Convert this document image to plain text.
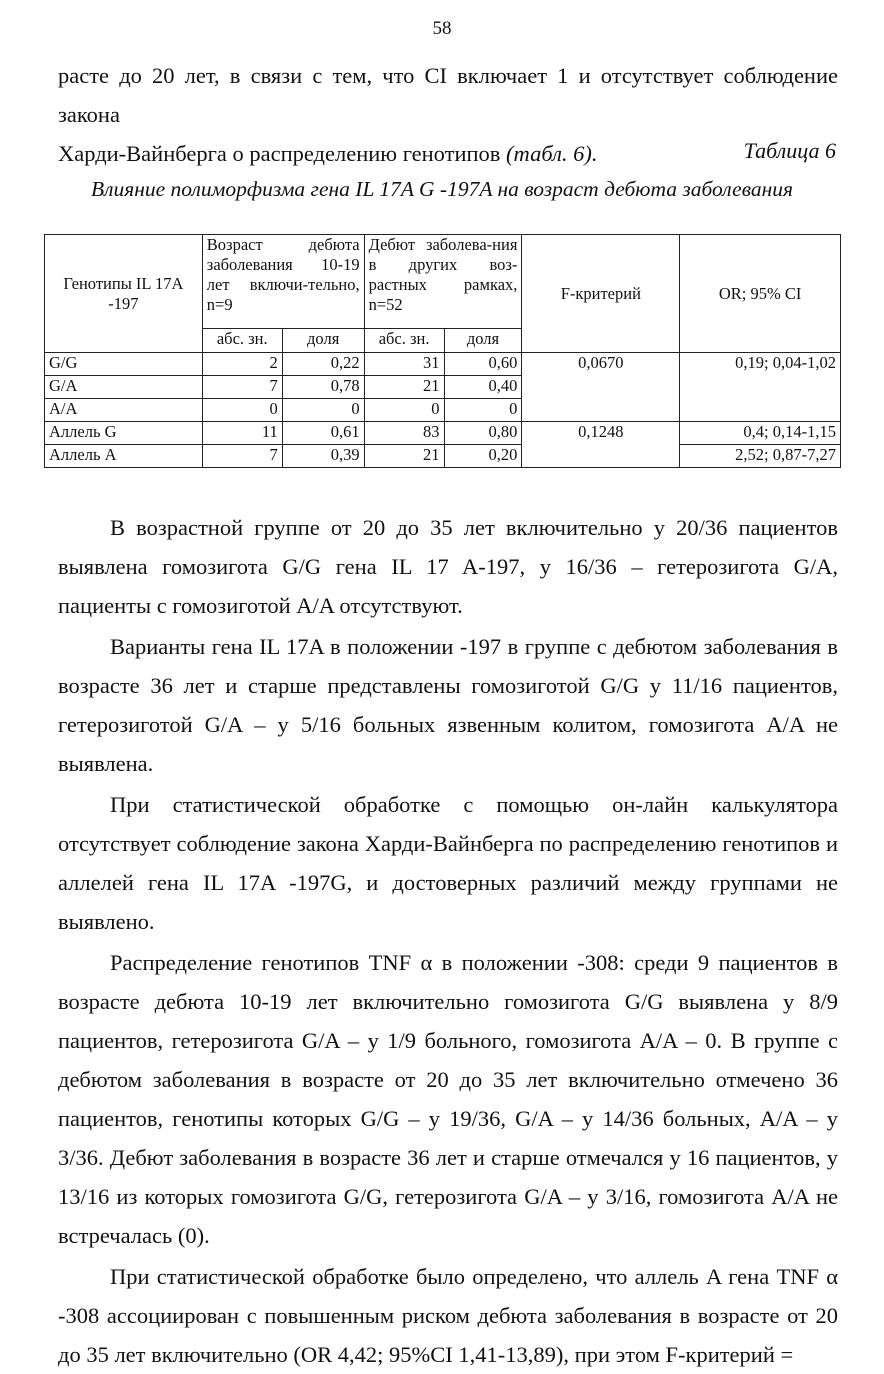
58
расте до 20 лет, в связи с тем, что CI включает 1 и отсутствует соблюдение закона
Харди-Вайнберга о распределению генотипов (табл. 6).	Таблица 6
Влияние полиморфизма гена IL 17A G -197A на возраст дебюта заболевания
Генотипы IL 17A -197	Возраст дебюта заболевания 10-19 лет включи-тельно, n=9		Дебют заболева-ния в других воз-растных рамках, n=52		F-критерий	OR; 95% CI
	абс. зн.	доля	абс. зн.	доля		
G/G	2	0,22	31	0,60	0,0670	0,19; 0,04-1,02
G/A	7	0,78	21	0,40		
A/A	0	0	0	0		
Аллель G	11	0,61	83	0,80	0,1248	0,4; 0,14-1,15
Аллель A	7	0,39	21	0,20		2,52; 0,87-7,27

В возрастной группе от 20 до 35 лет включительно у 20/36 пациентов выявлена гомозигота G/G гена IL 17 A-197, у 16/36 – гетерозигота G/A, пациенты с гомозиготой A/A отсутствуют.

Варианты гена IL 17A в положении -197 в группе с дебютом заболевания в возрасте 36 лет и старше представлены гомозиготой G/G у 11/16 пациентов, гетерозиготой G/A – у 5/16 больных язвенным колитом, гомозигота A/A не выявлена.

При статистической обработке с помощью он-лайн калькулятора отсутствует соблюдение закона Харди-Вайнберга по распределению генотипов и аллелей гена IL 17A -197G, и достоверных различий между группами не выявлено.

Распределение генотипов TNF α в положении -308: среди 9 пациентов в возрасте дебюта 10-19 лет включительно гомозигота G/G выявлена у 8/9 пациентов, гетерозигота G/A – у 1/9 больного, гомозигота A/A – 0. В группе с дебютом заболевания в возрасте от 20 до 35 лет включительно отмечено 36 пациентов, генотипы которых G/G – у 19/36, G/A – у 14/36 больных, A/A – у 3/36. Дебют заболевания в возрасте 36 лет и старше отмечался у 16 пациентов, у 13/16 из которых гомозигота G/G, гетерозигота G/A – у 3/16, гомозигота A/A не встречалась (0).

При статистической обработке было определено, что аллель A гена TNF α -308 ассоциирован с повышенным риском дебюта заболевания в возрасте от 20 до 35 лет включительно (OR 4,42; 95%CI 1,41-13,89), при этом F-критерий =
